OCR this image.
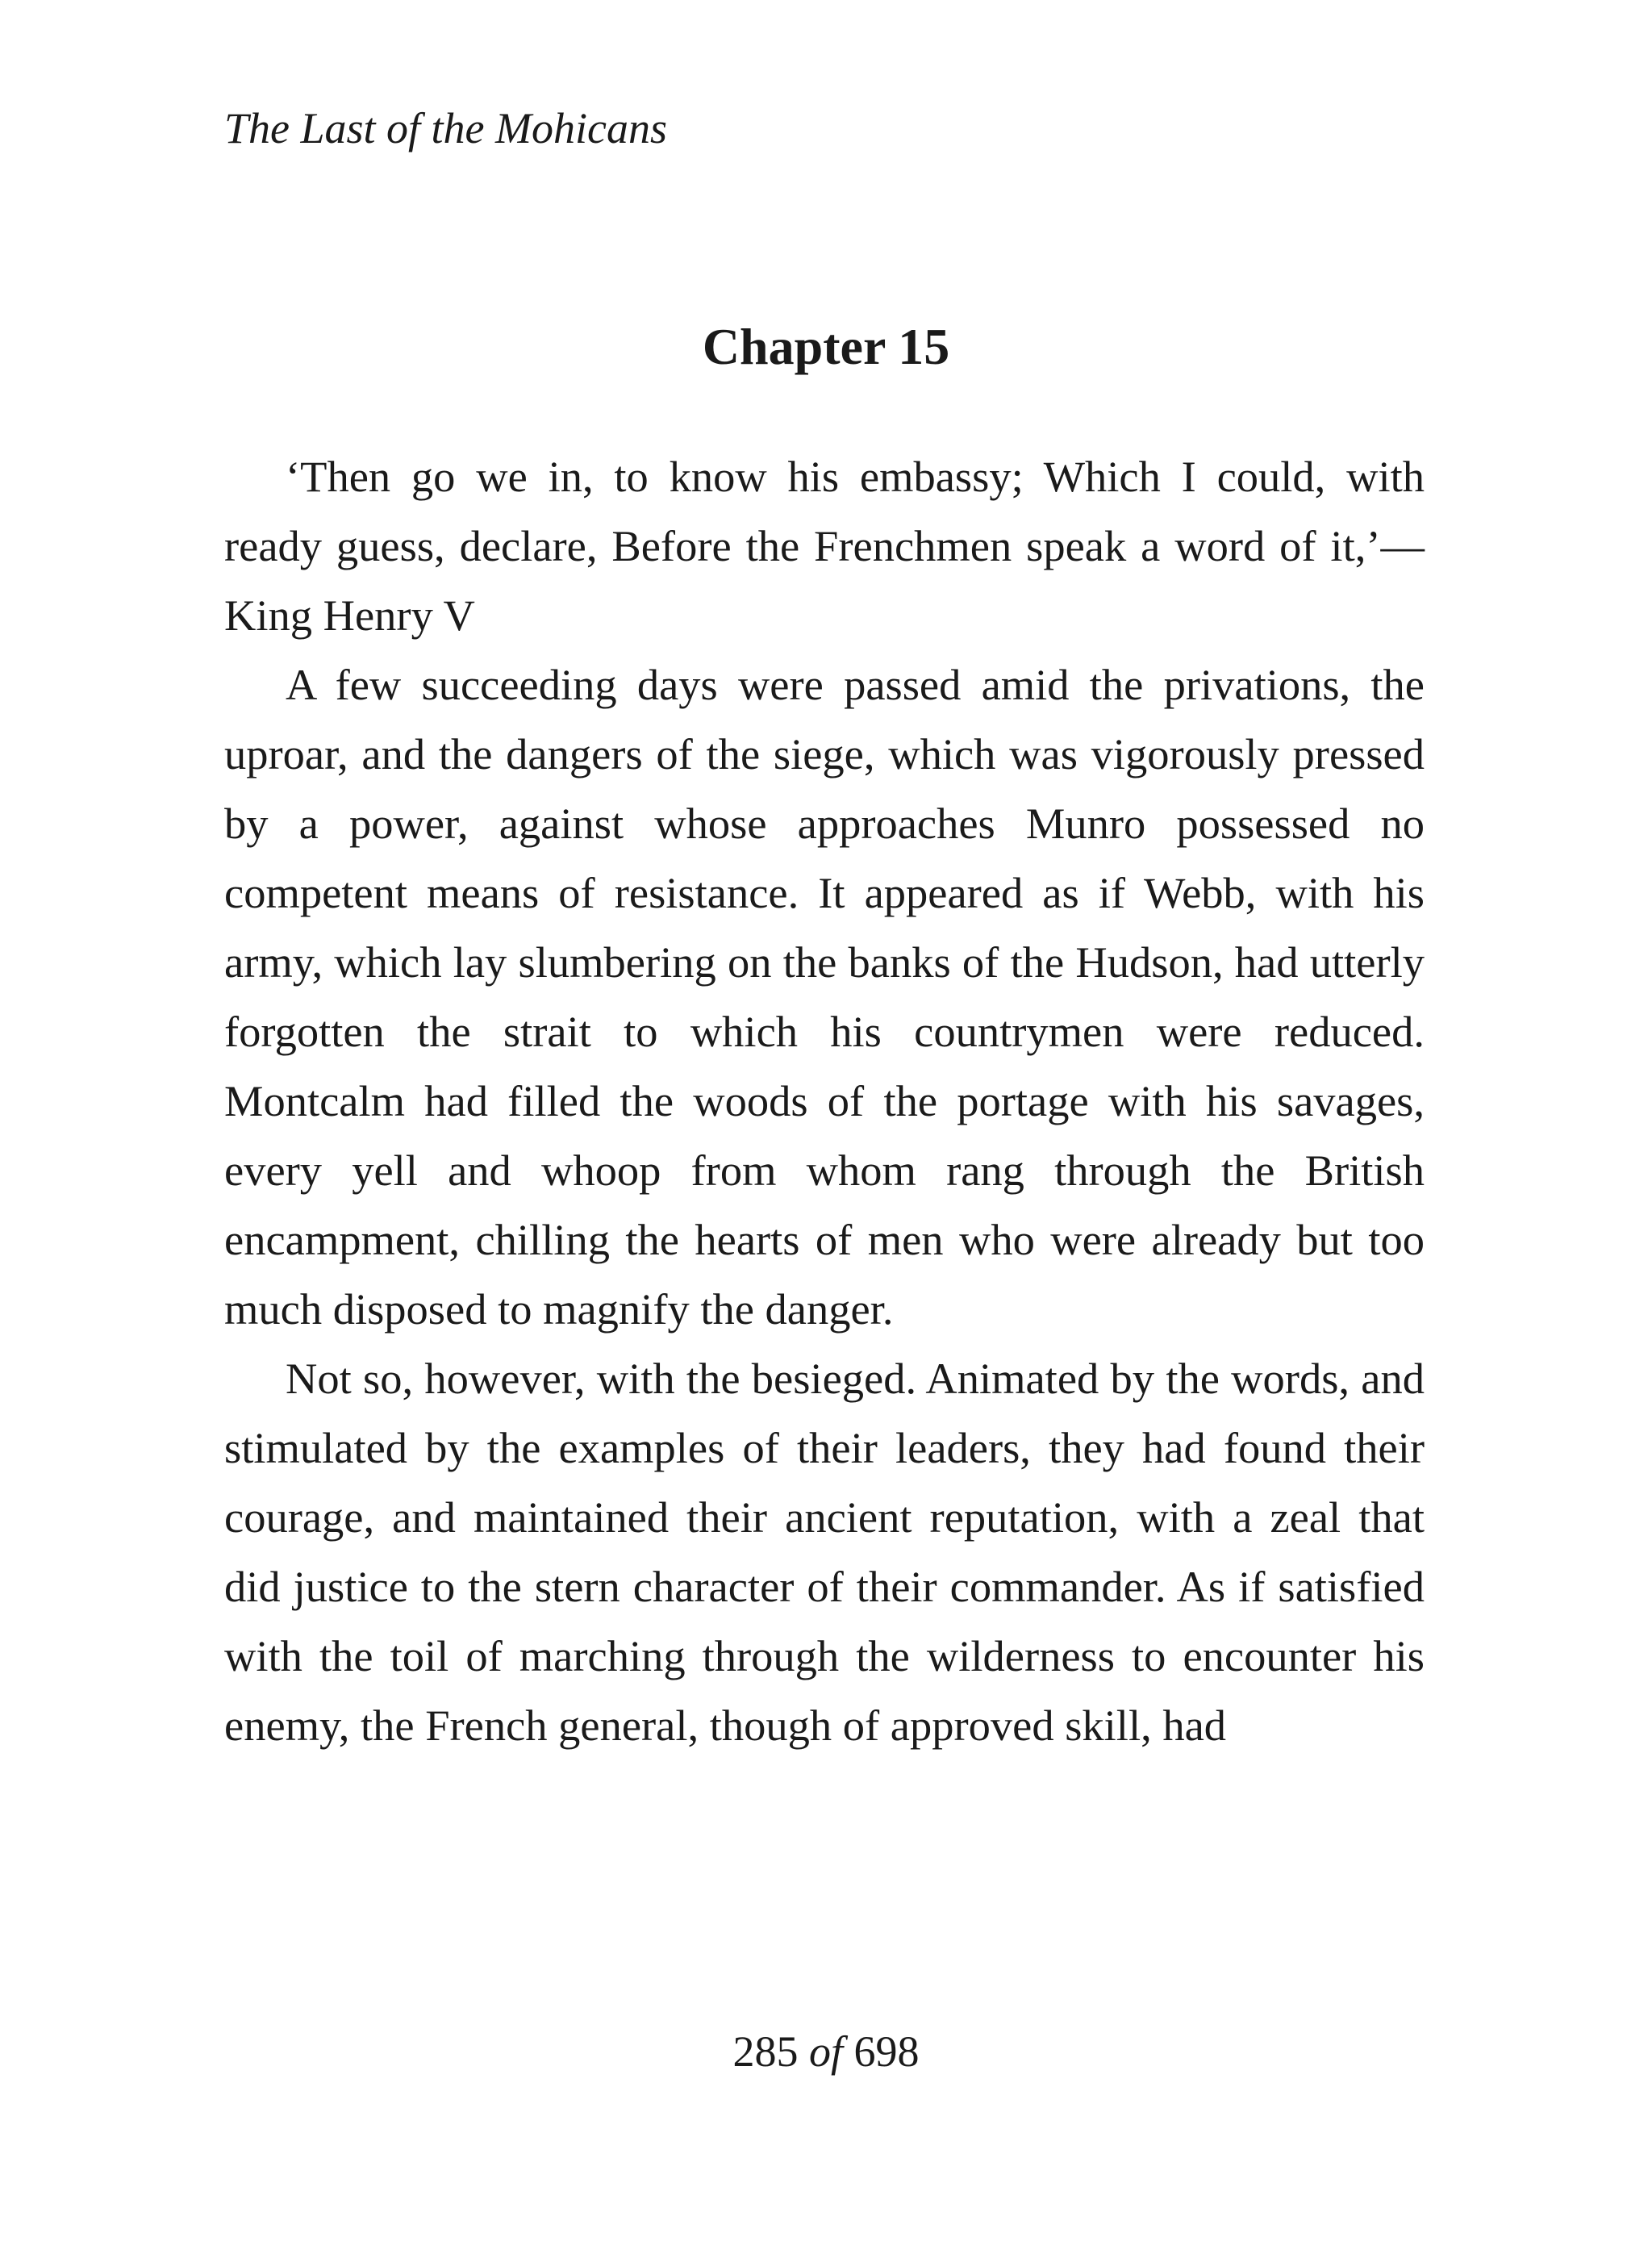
The Last of the Mohicans
Chapter 15

‘Then go we in, to know his embassy; Which I could, with ready guess, declare, Before the Frenchmen speak a word of it,’—King Henry V

A few succeeding days were passed amid the privations, the uproar, and the dangers of the siege, which was vigorously pressed by a power, against whose approaches Munro possessed no competent means of resistance. It appeared as if Webb, with his army, which lay slumbering on the banks of the Hudson, had utterly forgotten the strait to which his countrymen were reduced. Montcalm had filled the woods of the portage with his savages, every yell and whoop from whom rang through the British encampment, chilling the hearts of men who were already but too much disposed to magnify the danger.

Not so, however, with the besieged. Animated by the words, and stimulated by the examples of their leaders, they had found their courage, and maintained their ancient reputation, with a zeal that did justice to the stern character of their commander. As if satisfied with the toil of marching through the wilderness to encounter his enemy, the French general, though of approved skill, had

285 of 698
